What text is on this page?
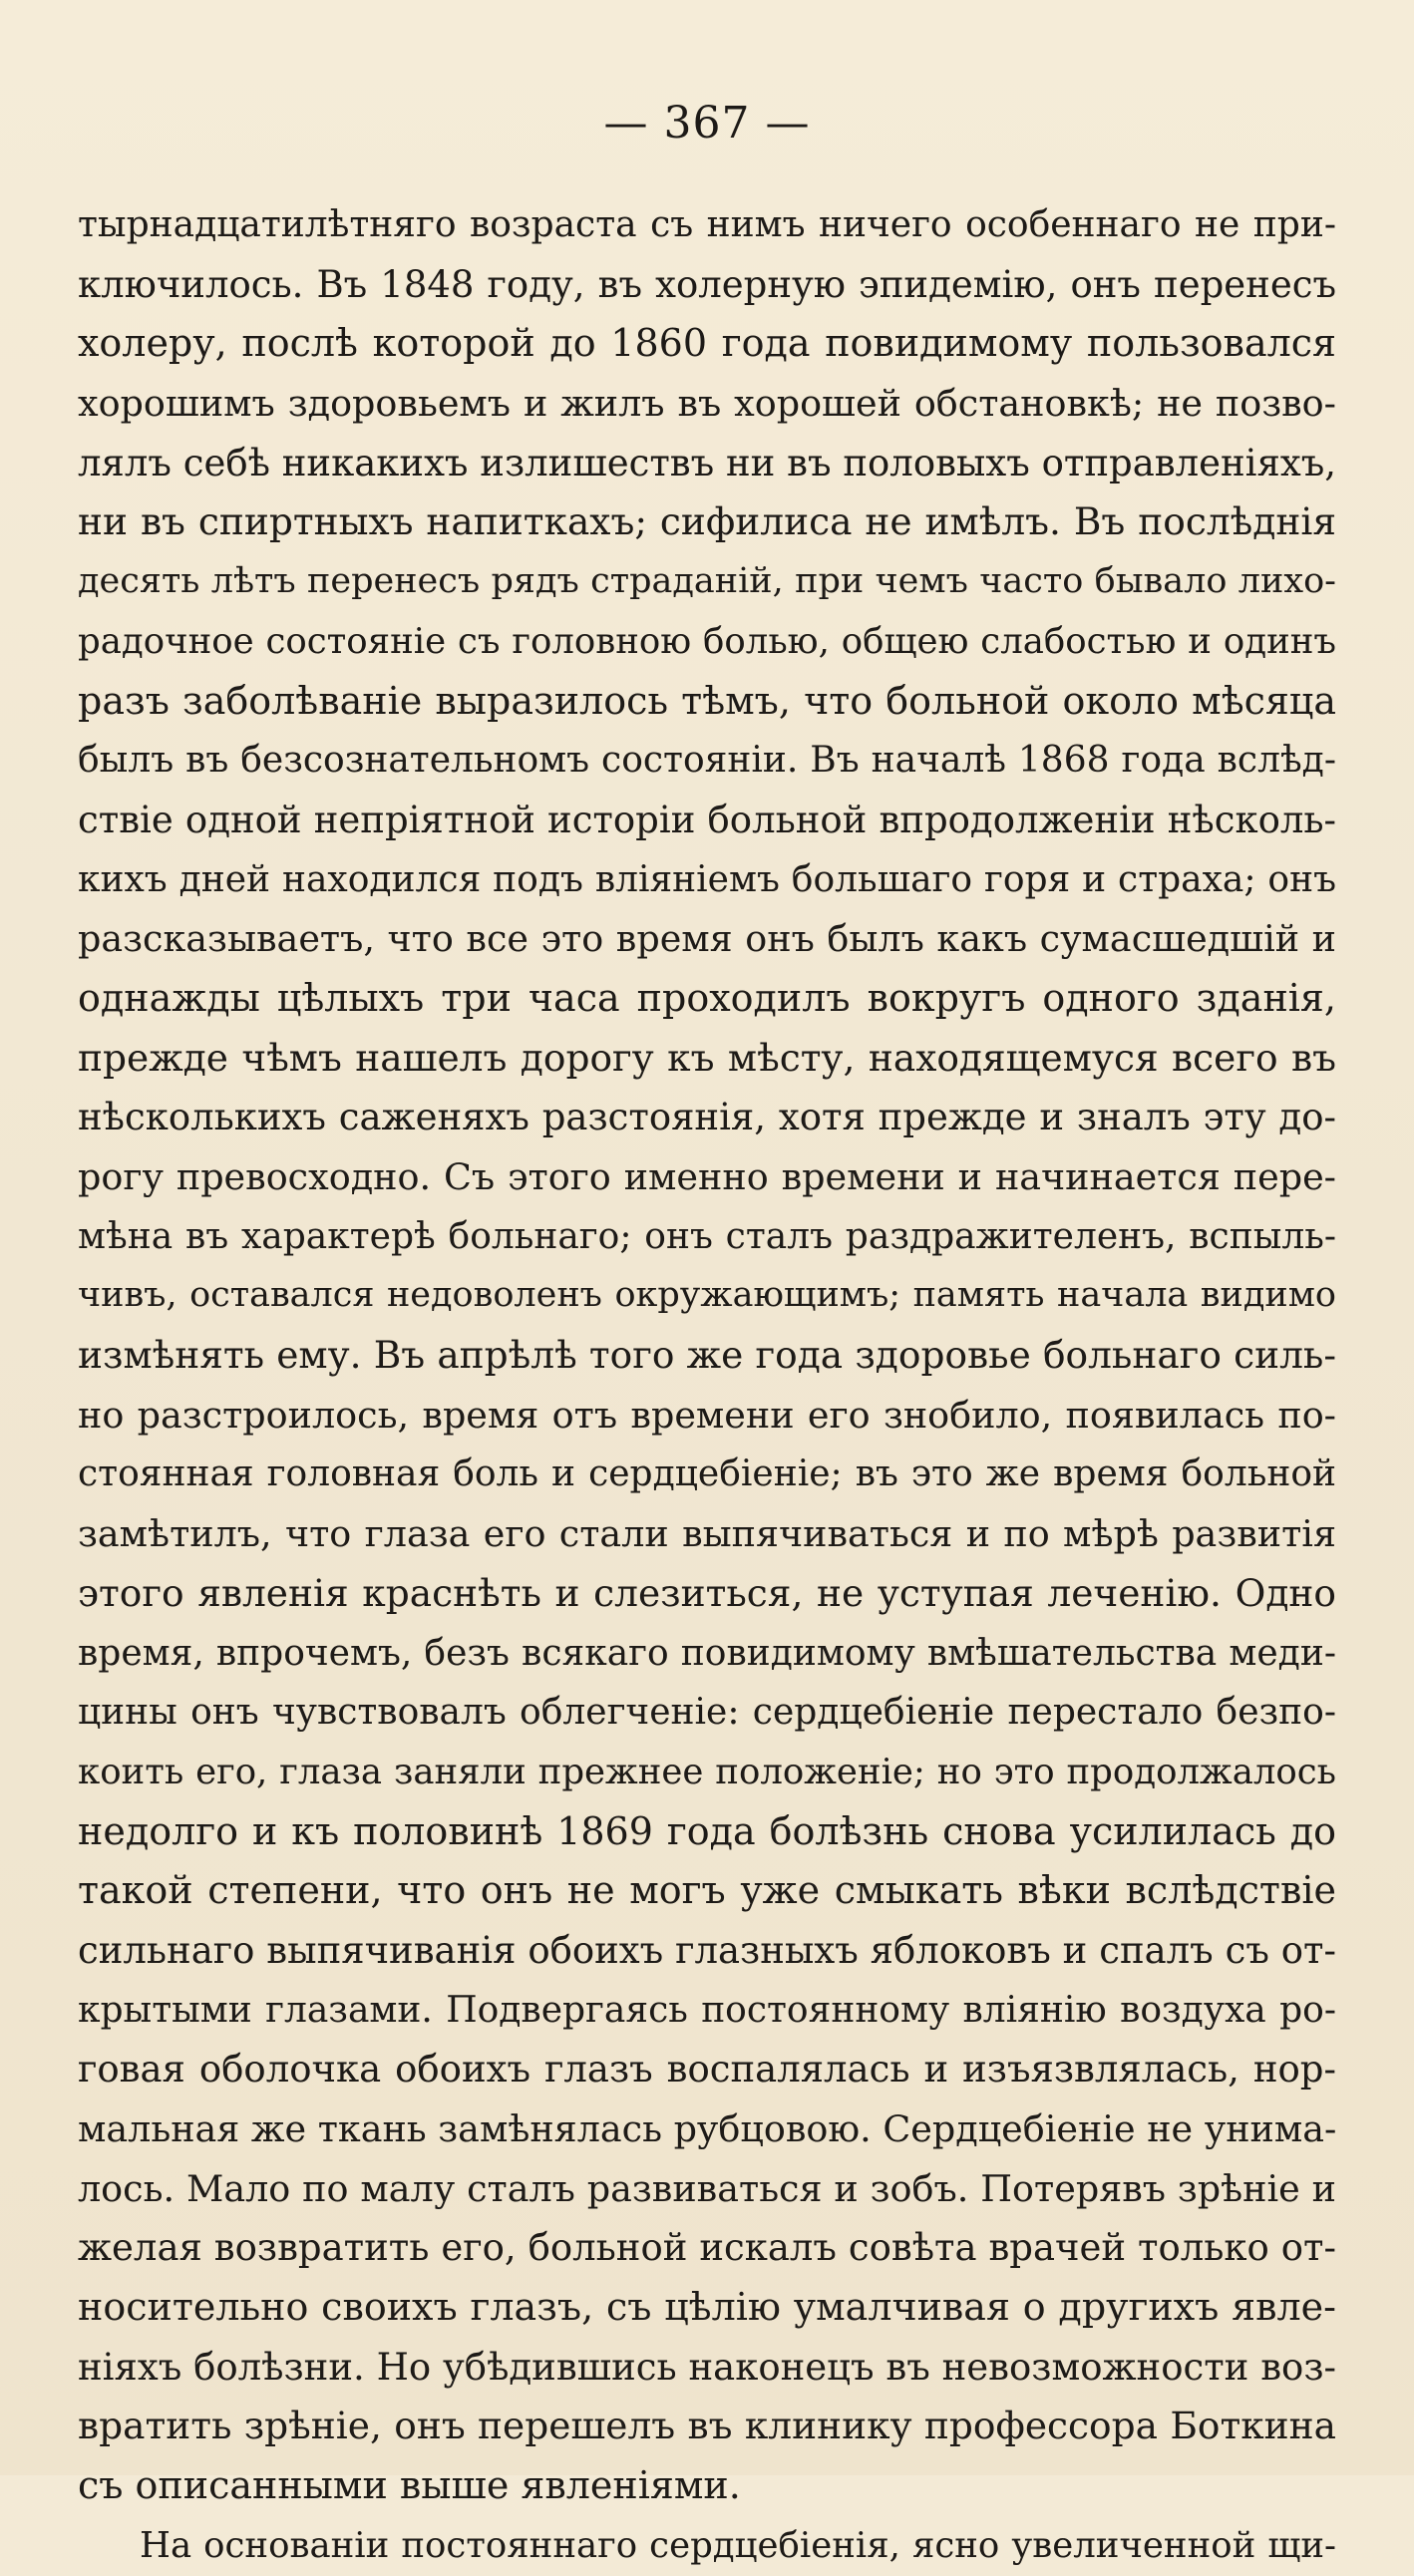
— 367 —
тырнадцатилѣтняго возраста съ нимъ ничего особеннаго не при-
ключилось. Въ 1848 году, въ холерную эпидемію, онъ перенесъ
холеру, послѣ которой до 1860 года повидимому пользовался
хорошимъ здоровьемъ и жилъ въ хорошей обстановкѣ; не позво-
лялъ себѣ никакихъ излишествъ ни въ половыхъ отправленіяхъ,
ни въ спиртныхъ напиткахъ; сифилиса не имѣлъ. Въ послѣднія
десять лѣтъ перенесъ рядъ страданій, при чемъ часто бывало лихо-
радочное состояніе съ головною болью, общею слабостью и одинъ
разъ заболѣваніе выразилось тѣмъ, что больной около мѣсяца
былъ въ безсознательномъ состояніи. Въ началѣ 1868 года вслѣд-
ствіе одной непріятной исторіи больной впродолженіи нѣсколь-
кихъ дней находился подъ вліяніемъ большаго горя и страха; онъ
разсказываетъ, что все это время онъ былъ какъ сумасшедшій и
однажды цѣлыхъ три часа проходилъ вокругъ одного зданія,
прежде чѣмъ нашелъ дорогу къ мѣсту, находящемуся всего въ
нѣсколькихъ саженяхъ разстоянія, хотя прежде и зналъ эту до-
рогу превосходно. Съ этого именно времени и начинается пере-
мѣна въ характерѣ больнаго; онъ сталъ раздражителенъ, вспыль-
чивъ, оставался недоволенъ окружающимъ; память начала видимо
измѣнять ему. Въ апрѣлѣ того же года здоровье больнаго силь-
но разстроилось, время отъ времени его знобило, появилась по-
стоянная головная боль и сердцебіеніе; въ это же время больной
замѣтилъ, что глаза его стали выпячиваться и по мѣрѣ развитія
этого явленія краснѣть и слезиться, не уступая леченію. Одно
время, впрочемъ, безъ всякаго повидимому вмѣшательства меди-
цины онъ чувствовалъ облегченіе: сердцебіеніе перестало безпо-
коить его, глаза заняли прежнее положеніе; но это продолжалось
недолго и къ половинѣ 1869 года болѣзнь снова усилилась до
такой степени, что онъ не могъ уже смыкать вѣки вслѣдствіе
сильнаго выпячиванія обоихъ глазныхъ яблоковъ и спалъ съ от-
крытыми глазами. Подвергаясь постоянному вліянію воздуха ро-
говая оболочка обоихъ глазъ воспалялась и изъязвлялась, нор-
мальная же ткань замѣнялась рубцовою. Сердцебіеніе не унима-
лось. Мало по малу сталъ развиваться и зобъ. Потерявъ зрѣніе и
желая возвратить его, больной искалъ совѣта врачей только от-
носительно своихъ глазъ, съ цѣлію умалчивая о другихъ явле-
ніяхъ болѣзни. Но убѣдившись наконецъ въ невозможности воз-
вратить зрѣніе, онъ перешелъ въ клинику профессора Боткина
съ описанными выше явленіями.
На основаніи постояннаго сердцебіенія, ясно увеличенной щи-
